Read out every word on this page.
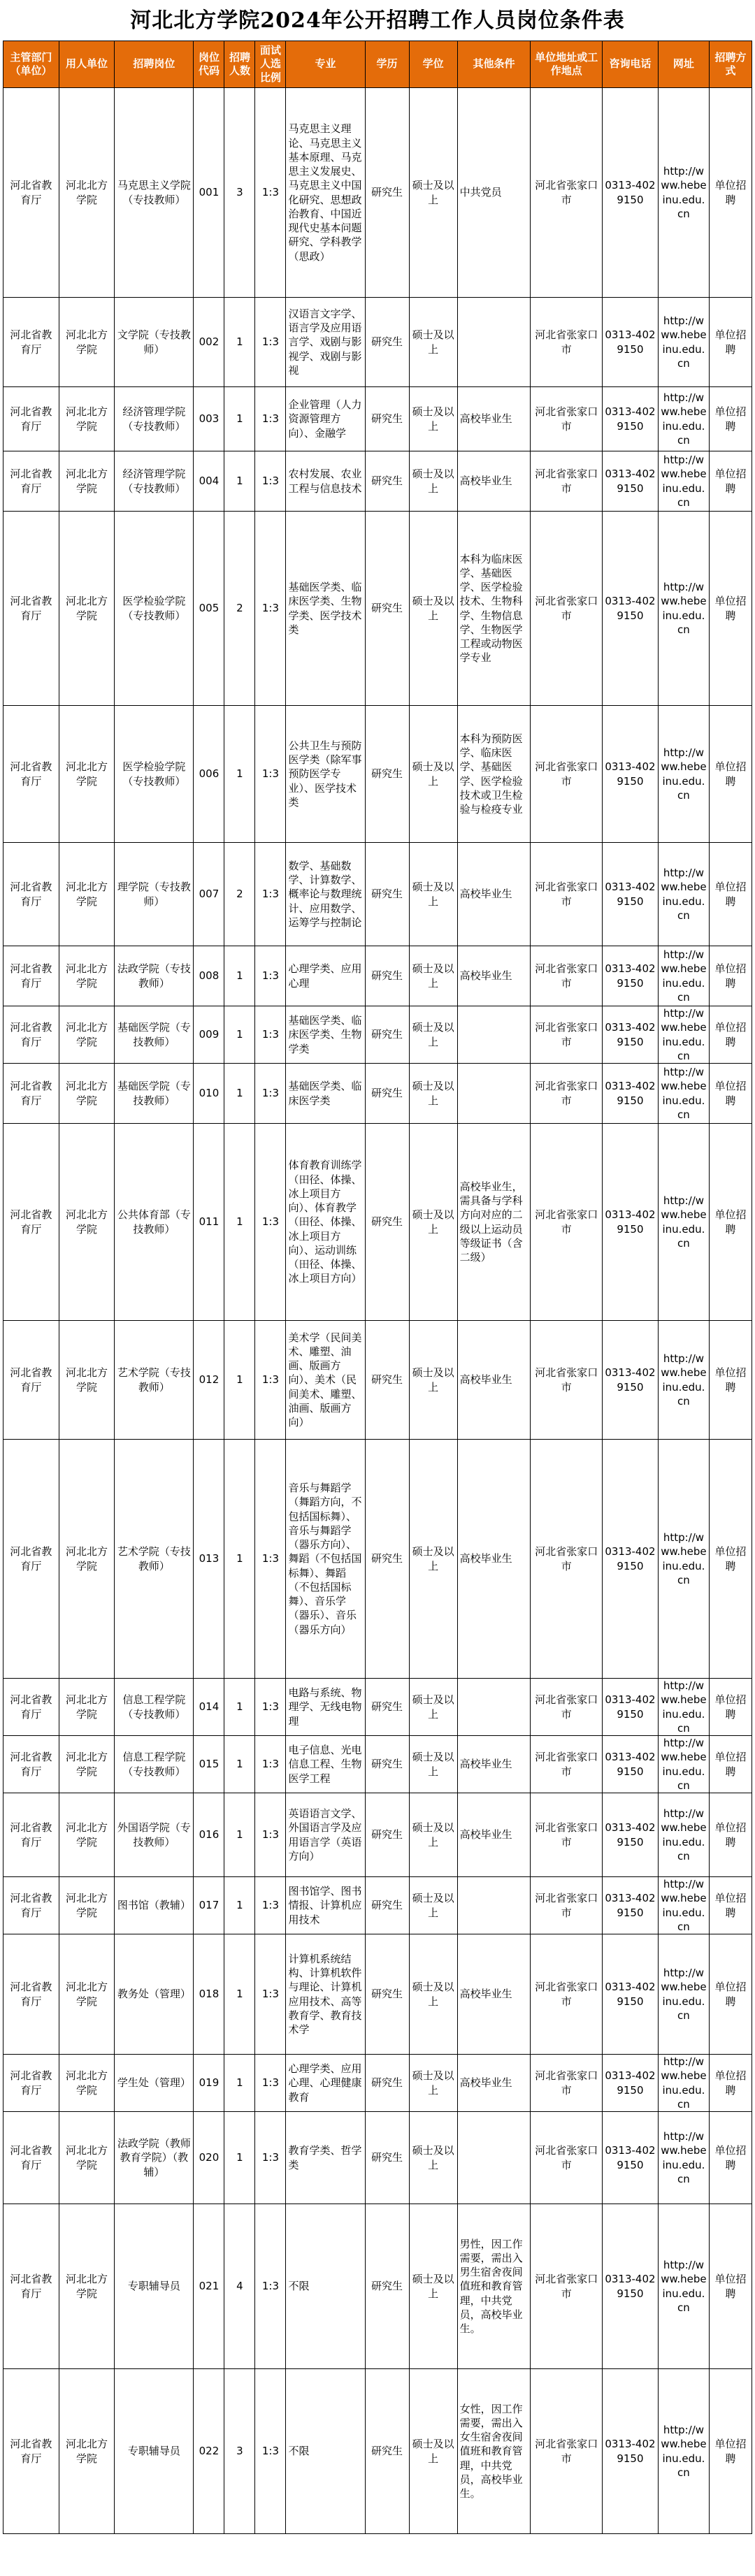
河北北方学院2024年公开招聘工作人员岗位条件表
主管部门（单位）	用人单位	招聘岗位	岗位代码	招聘人数	面试人选比例	专业	学历	学位	其他条件	单位地址或工作地点	咨询电话	网址	招聘方式
河北省教育厅	河北北方学院	马克思主义学院（专技教师）	001	3	1:3	马克思主义理论、马克思主义基本原理、马克思主义发展史、马克思主义中国化研究、思想政治教育、中国近现代史基本问题研究、学科教学（思政）	研究生	硕士及以上	中共党员	河北省张家口市	0313-4029150	http://www.hebeinu.edu.cn	单位招聘
河北省教育厅	河北北方学院	文学院（专技教师）	002	1	1:3	汉语言文字学、语言学及应用语言学、戏剧与影视学、戏剧与影视	研究生	硕士及以上		河北省张家口市	0313-4029150	http://www.hebeinu.edu.cn	单位招聘
河北省教育厅	河北北方学院	经济管理学院（专技教师）	003	1	1:3	企业管理（人力资源管理方向）、金融学	研究生	硕士及以上	高校毕业生	河北省张家口市	0313-4029150	http://www.hebeinu.edu.cn	单位招聘
河北省教育厅	河北北方学院	经济管理学院（专技教师）	004	1	1:3	农村发展、农业工程与信息技术	研究生	硕士及以上	高校毕业生	河北省张家口市	0313-4029150	http://www.hebeinu.edu.cn	单位招聘
河北省教育厅	河北北方学院	医学检验学院（专技教师）	005	2	1:3	基础医学类、临床医学类、生物学类、医学技术类	研究生	硕士及以上	本科为临床医学、基础医学、医学检验技术、生物科学、生物信息学、生物医学工程或动物医学专业	河北省张家口市	0313-4029150	http://www.hebeinu.edu.cn	单位招聘
河北省教育厅	河北北方学院	医学检验学院（专技教师）	006	1	1:3	公共卫生与预防医学类（除军事预防医学专业）、医学技术类	研究生	硕士及以上	本科为预防医学、临床医学、基础医学、医学检验技术或卫生检验与检疫专业	河北省张家口市	0313-4029150	http://www.hebeinu.edu.cn	单位招聘
河北省教育厅	河北北方学院	理学院（专技教师）	007	2	1:3	数学、基础数学、计算数学、概率论与数理统计、应用数学、运筹学与控制论	研究生	硕士及以上	高校毕业生	河北省张家口市	0313-4029150	http://www.hebeinu.edu.cn	单位招聘
河北省教育厅	河北北方学院	法政学院（专技教师）	008	1	1:3	心理学类、应用心理	研究生	硕士及以上	高校毕业生	河北省张家口市	0313-4029150	http://www.hebeinu.edu.cn	单位招聘
河北省教育厅	河北北方学院	基础医学院（专技教师）	009	1	1:3	基础医学类、临床医学类、生物学类	研究生	硕士及以上		河北省张家口市	0313-4029150	http://www.hebeinu.edu.cn	单位招聘
河北省教育厅	河北北方学院	基础医学院（专技教师）	010	1	1:3	基础医学类、临床医学类	研究生	硕士及以上		河北省张家口市	0313-4029150	http://www.hebeinu.edu.cn	单位招聘
河北省教育厅	河北北方学院	公共体育部（专技教师）	011	1	1:3	体育教育训练学（田径、体操、冰上项目方向）、体育教学（田径、体操、冰上项目方向）、运动训练（田径、体操、冰上项目方向）	研究生	硕士及以上	高校毕业生，需具备与学科方向对应的二级以上运动员等级证书（含二级）	河北省张家口市	0313-4029150	http://www.hebeinu.edu.cn	单位招聘
河北省教育厅	河北北方学院	艺术学院（专技教师）	012	1	1:3	美术学（民间美术、雕塑、油画、版画方向）、美术（民间美术、雕塑、油画、版画方向）	研究生	硕士及以上	高校毕业生	河北省张家口市	0313-4029150	http://www.hebeinu.edu.cn	单位招聘
河北省教育厅	河北北方学院	艺术学院（专技教师）	013	1	1:3	音乐与舞蹈学（舞蹈方向，不包括国标舞）、音乐与舞蹈学（器乐方向）、舞蹈（不包括国标舞）、舞蹈（不包括国标舞）、音乐学（器乐）、音乐（器乐方向）	研究生	硕士及以上	高校毕业生	河北省张家口市	0313-4029150	http://www.hebeinu.edu.cn	单位招聘
河北省教育厅	河北北方学院	信息工程学院（专技教师）	014	1	1:3	电路与系统、物理学、无线电物理	研究生	硕士及以上		河北省张家口市	0313-4029150	http://www.hebeinu.edu.cn	单位招聘
河北省教育厅	河北北方学院	信息工程学院（专技教师）	015	1	1:3	电子信息、光电信息工程、生物医学工程	研究生	硕士及以上	高校毕业生	河北省张家口市	0313-4029150	http://www.hebeinu.edu.cn	单位招聘
河北省教育厅	河北北方学院	外国语学院（专技教师）	016	1	1:3	英语语言文学、外国语言学及应用语言学（英语方向）	研究生	硕士及以上	高校毕业生	河北省张家口市	0313-4029150	http://www.hebeinu.edu.cn	单位招聘
河北省教育厅	河北北方学院	图书馆（教辅）	017	1	1:3	图书馆学、图书情报、计算机应用技术	研究生	硕士及以上		河北省张家口市	0313-4029150	http://www.hebeinu.edu.cn	单位招聘
河北省教育厅	河北北方学院	教务处（管理）	018	1	1:3	计算机系统结构、计算机软件与理论、计算机应用技术、高等教育学、教育技术学	研究生	硕士及以上	高校毕业生	河北省张家口市	0313-4029150	http://www.hebeinu.edu.cn	单位招聘
河北省教育厅	河北北方学院	学生处（管理）	019	1	1:3	心理学类、应用心理、心理健康教育	研究生	硕士及以上	高校毕业生	河北省张家口市	0313-4029150	http://www.hebeinu.edu.cn	单位招聘
河北省教育厅	河北北方学院	法政学院（教师教育学院）（教辅）	020	1	1:3	教育学类、哲学类	研究生	硕士及以上		河北省张家口市	0313-4029150	http://www.hebeinu.edu.cn	单位招聘
河北省教育厅	河北北方学院	专职辅导员	021	4	1:3	不限	研究生	硕士及以上	男性，因工作需要，需出入男生宿舍夜间值班和教育管理，中共党员，高校毕业生。	河北省张家口市	0313-4029150	http://www.hebeinu.edu.cn	单位招聘
河北省教育厅	河北北方学院	专职辅导员	022	3	1:3	不限	研究生	硕士及以上	女性，因工作需要，需出入女生宿舍夜间值班和教育管理，中共党员，高校毕业生。	河北省张家口市	0313-4029150	http://www.hebeinu.edu.cn	单位招聘
